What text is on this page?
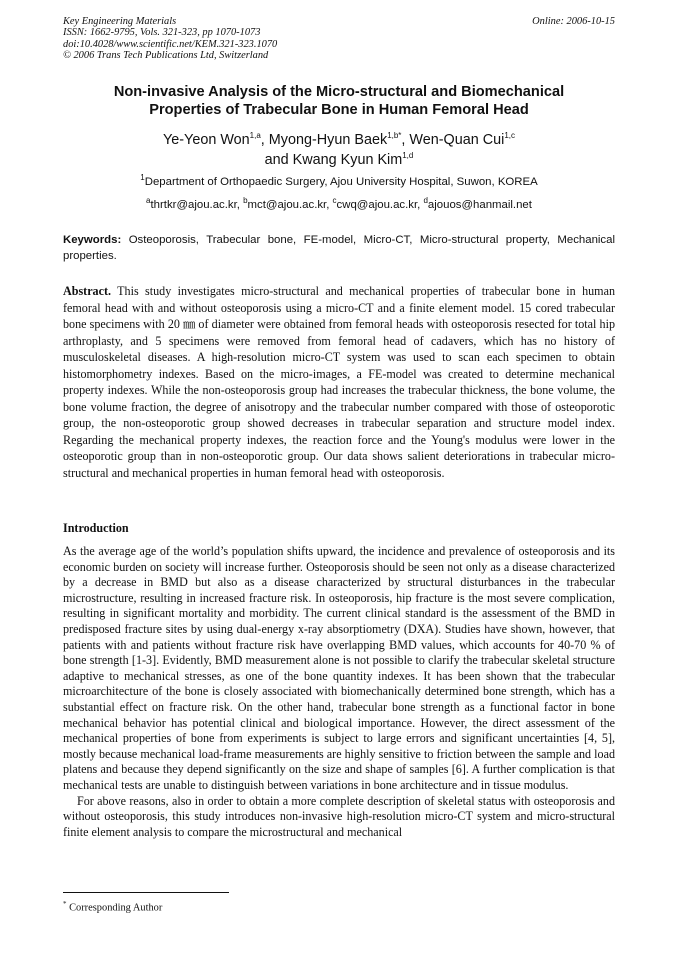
Key Engineering Materials
ISSN: 1662-9795, Vols. 321-323, pp 1070-1073
doi:10.4028/www.scientific.net/KEM.321-323.1070
© 2006 Trans Tech Publications Ltd, Switzerland
Online: 2006-10-15
Non-invasive Analysis of the Micro-structural and Biomechanical
Properties of Trabecular Bone in Human Femoral Head
Ye-Yeon Won$^{1,a}$, Myong-Hyun Baek$^{1,b*}$, Wen-Quan Cui$^{1,c}$
and Kwang Kyun Kim$^{1,d}$
$^1$Department of Orthopaedic Surgery, Ajou University Hospital, Suwon, KOREA
$^a$thrtkr@ajou.ac.kr, $^b$mct@ajou.ac.kr, $^c$cwq@ajou.ac.kr, $^d$ajouos@hanmail.net
Keywords: Osteoporosis, Trabecular bone, FE-model, Micro-CT, Micro-structural property, Mechanical properties.
Abstract. This study investigates micro-structural and mechanical properties of trabecular bone in human femoral head with and without osteoporosis using a micro-CT and a finite element model. 15 cored trabecular bone specimens with 20 ㎜ of diameter were obtained from femoral heads with osteoporosis resected for total hip arthroplasty, and 5 specimens were removed from femoral head of cadavers, which has no history of musculoskeletal diseases. A high-resolution micro-CT system was used to scan each specimen to obtain histomorphometry indexes. Based on the micro-images, a FE-model was created to determine mechanical property indexes. While the non-osteoporosis group had increases the trabecular thickness, the bone volume, the bone volume fraction, the degree of anisotropy and the trabecular number compared with those of osteoporotic group, the non-osteoporotic group showed decreases in trabecular separation and structure model index. Regarding the mechanical property indexes, the reaction force and the Young's modulus were lower in the osteoporotic group than in non-osteoporotic group. Our data shows salient deteriorations in trabecular micro-structural and mechanical properties in human femoral head with osteoporosis.
Introduction

As the average age of the world’s population shifts upward, the incidence and prevalence of osteoporosis and its economic burden on society will increase further. Osteoporosis should be seen not only as a disease characterized by a decrease in BMD but also as a disease characterized by structural disturbances in the trabecular microstructure, resulting in increased fracture risk. In osteoporosis, hip fracture is the most severe complication, resulting in significant mortality and morbidity. The current clinical standard is the assessment of the BMD in predisposed fracture sites by using dual-energy x-ray absorptiometry (DXA). Studies have shown, however, that patients with and patients without fracture risk have overlapping BMD values, which accounts for 40-70 % of bone strength [1-3]. Evidently, BMD measurement alone is not possible to clarify the trabecular skeletal structure adaptive to mechanical stresses, as one of the bone quantity indexes. It has been shown that the trabecular microarchitecture of the bone is closely associated with biomechanically determined bone strength, which has a substantial effect on fracture risk. On the other hand, trabecular bone strength as a functional factor in bone mechanical behavior has potential clinical and biological importance. However, the direct assessment of the mechanical properties of bone from experiments is subject to large errors and significant uncertainties [4, 5], mostly because mechanical load-frame measurements are highly sensitive to friction between the sample and load platens and because they depend significantly on the size and shape of samples [6]. A further complication is that mechanical tests are unable to distinguish between variations in bone architecture and in tissue modulus.

For above reasons, also in order to obtain a more complete description of skeletal status with osteoporosis and without osteoporosis, this study introduces non-invasive high-resolution micro-CT system and micro-structural finite element analysis to compare the microstructural and mechanical

* Corresponding Author
